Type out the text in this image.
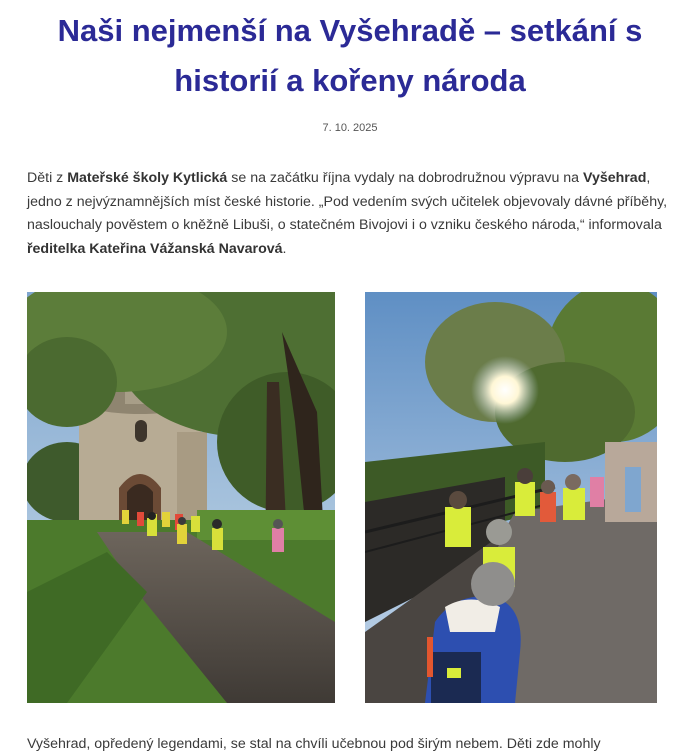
Naši nejmenší na Vyšehradě – setkání s historií a kořeny národa
7. 10. 2025

Děti z Mateřské školy Kytlická se na začátku října vydaly na dobrodružnou výpravu na Vyšehrad, jedno z nejvýznamnějších míst české historie. „Pod vedením svých učitelek objevovaly dávné příběhy, naslouchaly pověstem o kněžně Libuši, o statečném Bivojovi i o vzniku českého národa,“ informovala ředitelka Kateřina Vážanská Navarová.

Vyšehrad, opředený legendami, se stal na chvíli učebnou pod širým nebem. Děti zde mohly
